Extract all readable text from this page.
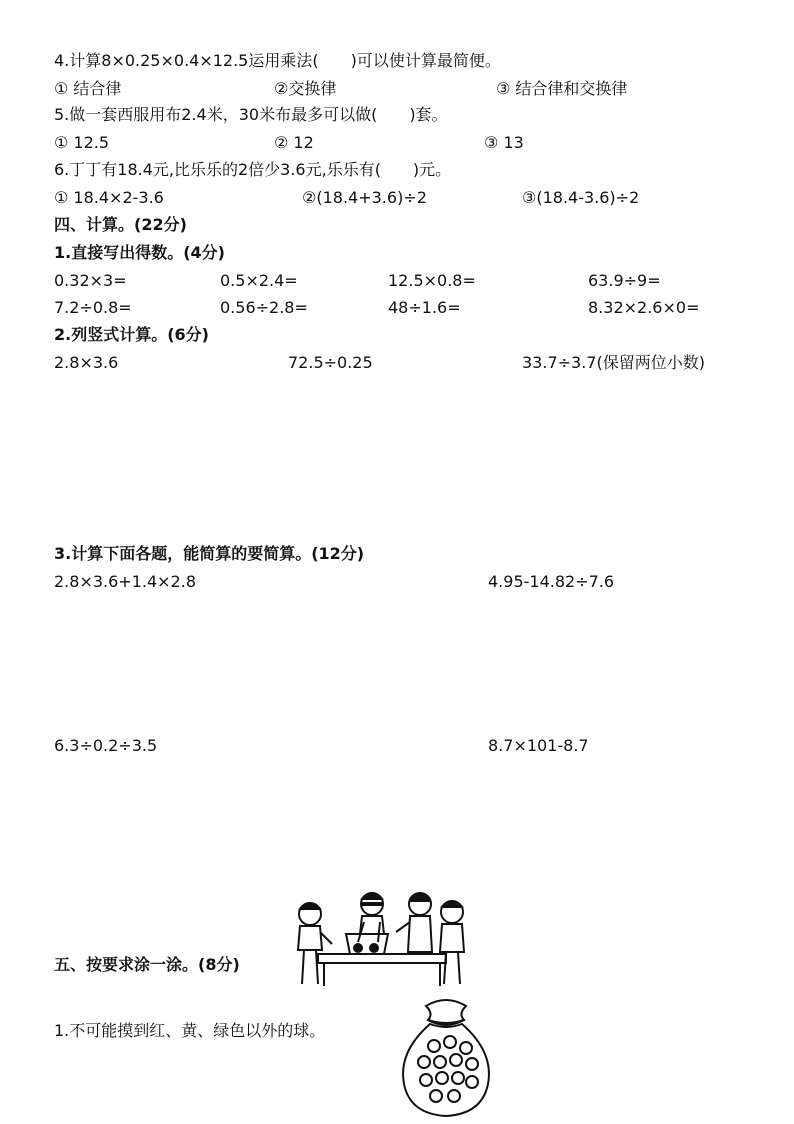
4.计算8×0.25×0.4×12.5运用乘法(　　)可以使计算最简便。
① 结合律	②交换律	③ 结合律和交换律
5.做一套西服用布2.4米，30米布最多可以做(　　)套。
① 12.5	② 12	③ 13
6.丁丁有18.4元,比乐乐的2倍少3.6元,乐乐有(　　)元。
① 18.4×2-3.6	②(18.4+3.6)÷2	③(18.4-3.6)÷2
四、计算。(22分)
1.直接写出得数。(4分)
0.32×3=	0.5×2.4=	12.5×0.8=	63.9÷9=
7.2÷0.8=	0.56÷2.8=	48÷1.6=	8.32×2.6×0=
2.列竖式计算。(6分)
2.8×3.6	72.5÷0.25	33.7÷3.7(保留两位小数)
3.计算下面各题，能简算的要简算。(12分)
2.8×3.6+1.4×2.8	4.95-14.82÷7.6
6.3÷0.2÷3.5	8.7×101-8.7
五、按要求涂一涂。(8分)
1.不可能摸到红、黄、绿色以外的球。
